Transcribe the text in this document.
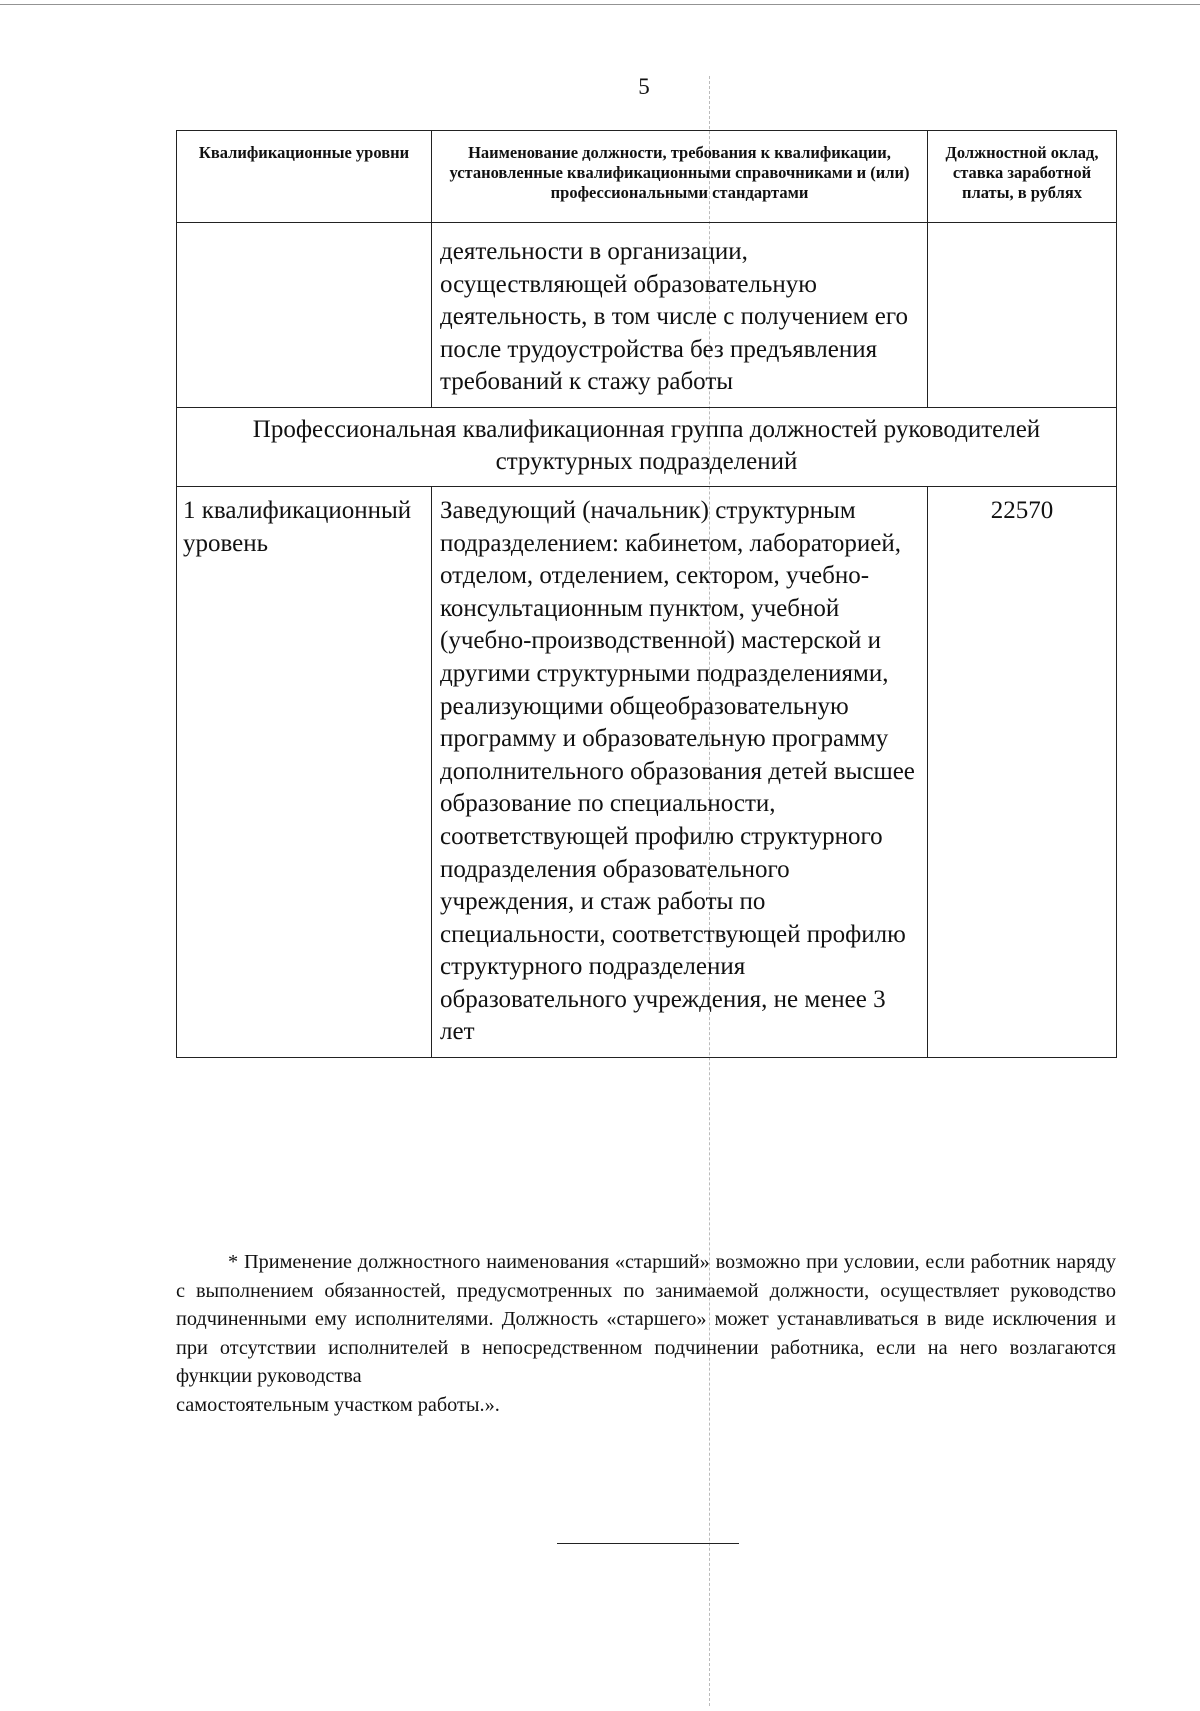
5
Квалификационные уровни	Наименование должности, требования к квалификации, установленные квалификационными справочниками и (или) профессиональными стандартами	Должностной оклад, ставка заработной платы, в рублях
	деятельности в организации, осуществляющей образовательную деятельность, в том числе с получением его после трудоустройства без предъявления требований к стажу работы	
Профессиональная квалификационная группа должностей руководителей структурных подразделений		
1 квалификационный уровень	Заведующий (начальник) структурным подразделением: кабинетом, лабораторией, отделом, отделением, сектором, учебно-консультационным пунктом, учебной (учебно-производственной) мастерской и другими структурными подразделениями, реализующими общеобразовательную программу и образовательную программу дополнительного образования детей высшее образование по специальности, соответствующей профилю структурного подразделения образовательного учреждения, и стаж работы по специальности, соответствующей профилю структурного подразделения образовательного учреждения, не менее 3 лет	22570
* Применение должностного наименования «старший» возможно при условии, если работник наряду с выполнением обязанностей, предусмотренных по занимаемой должности, осуществляет руководство подчиненными ему исполнителями. Должность «старшего» может устанавливаться в виде исключения и при отсутствии исполнителей в непосредственном подчинении работника, если на него возлагаются функции руководства
самостоятельным участком работы.».
